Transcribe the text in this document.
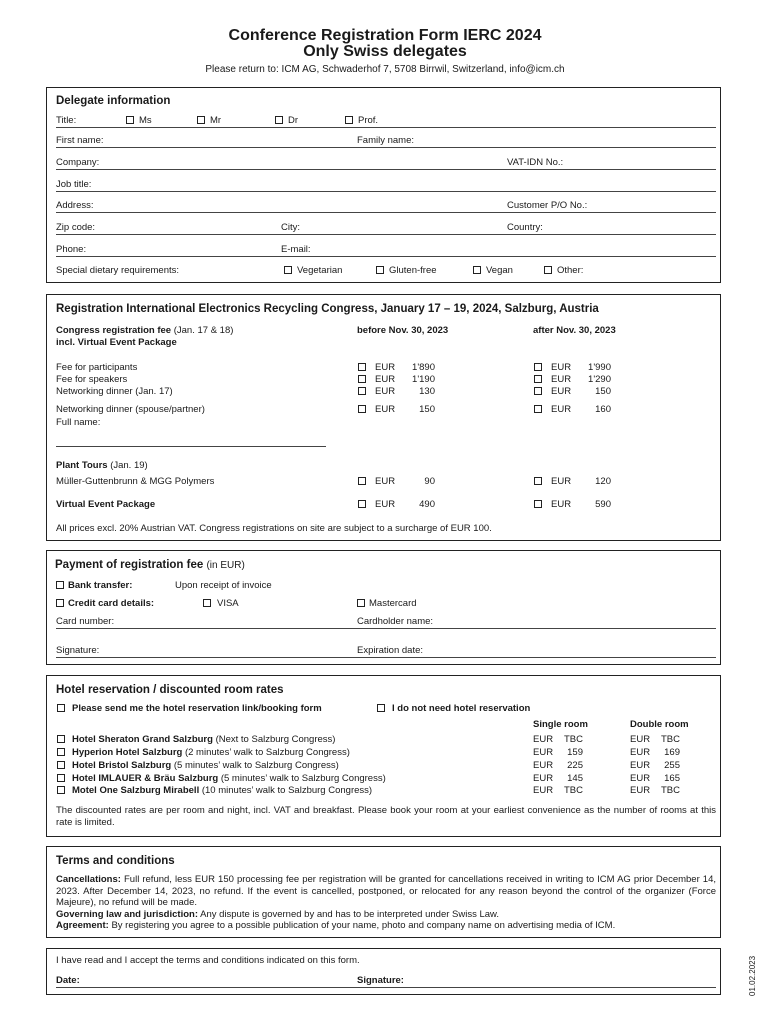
Conference Registration Form IERC 2024
Only Swiss delegates
Please return to: ICM AG, Schwaderhof 7, 5708 Birrwil, Switzerland, info@icm.ch
Delegate information
Title:	Ms	Mr	Dr	Prof.
First name:	Family name:
Company:	VAT-IDN No.:
Job title:
Address:	Customer P/O No.:
Zip code:	City:	Country:
Phone:	E-mail:
Special dietary requirements:	Vegetarian	Gluten-free	Vegan	Other:
Registration International Electronics Recycling Congress, January 17 – 19, 2024, Salzburg, Austria
Congress registration fee (Jan. 17 & 18)
incl. Virtual Event Package
before Nov. 30, 2023	after Nov. 30, 2023
Fee for participants	EUR	1'890	EUR	1'990
Fee for speakers	EUR	1'190	EUR	1'290
Networking dinner (Jan. 17)	EUR	130	EUR	150
Networking dinner (spouse/partner)	EUR	150	EUR	160
Full name:
Plant Tours (Jan. 19)
Müller-Guttenbrunn & MGG Polymers	EUR	90	EUR	120
Virtual Event Package	EUR	490	EUR	590
All prices excl. 20% Austrian VAT. Congress registrations on site are subject to a surcharge of EUR 100.
Payment of registration fee (in EUR)
Bank transfer:	Upon receipt of invoice
Credit card details:	VISA	Mastercard
Card number:	Cardholder name:
Signature:	Expiration date:
Hotel reservation / discounted room rates
Please send me the hotel reservation link/booking form	I do not need hotel reservation
Single room	Double room
Hotel Sheraton Grand Salzburg (Next to Salzburg Congress)	EUR	TBC	EUR	TBC
Hyperion Hotel Salzburg (2 minutes’ walk to Salzburg Congress)	EUR	159	EUR	169
Hotel Bristol Salzburg (5 minutes’ walk to Salzburg Congress)	EUR	225	EUR	255
Hotel IMLAUER & Bräu Salzburg (5 minutes’ walk to Salzburg Congress)	EUR	145	EUR	165
Motel One Salzburg Mirabell (10 minutes’ walk to Salzburg Congress)	EUR	TBC	EUR	TBC
The discounted rates are per room and night, incl. VAT and breakfast. Please book your room at your earliest convenience as the number of rooms at this rate is limited.
Terms and conditions
Cancellations: Full refund, less EUR 150 processing fee per registration will be granted for cancellations received in writing to ICM AG prior December 14, 2023. After December 14, 2023, no refund. If the event is cancelled, postponed, or relocated for any reason beyond the control of the organizer (Force Majeure), no refund will be made.
Governing law and jurisdiction: Any dispute is governed by and has to be interpreted under Swiss Law.
Agreement: By registering you agree to a possible publication of your name, photo and company name on advertising media of ICM.
I have read and I accept the terms and conditions indicated on this form.
Date:	Signature:	01.02.2023
